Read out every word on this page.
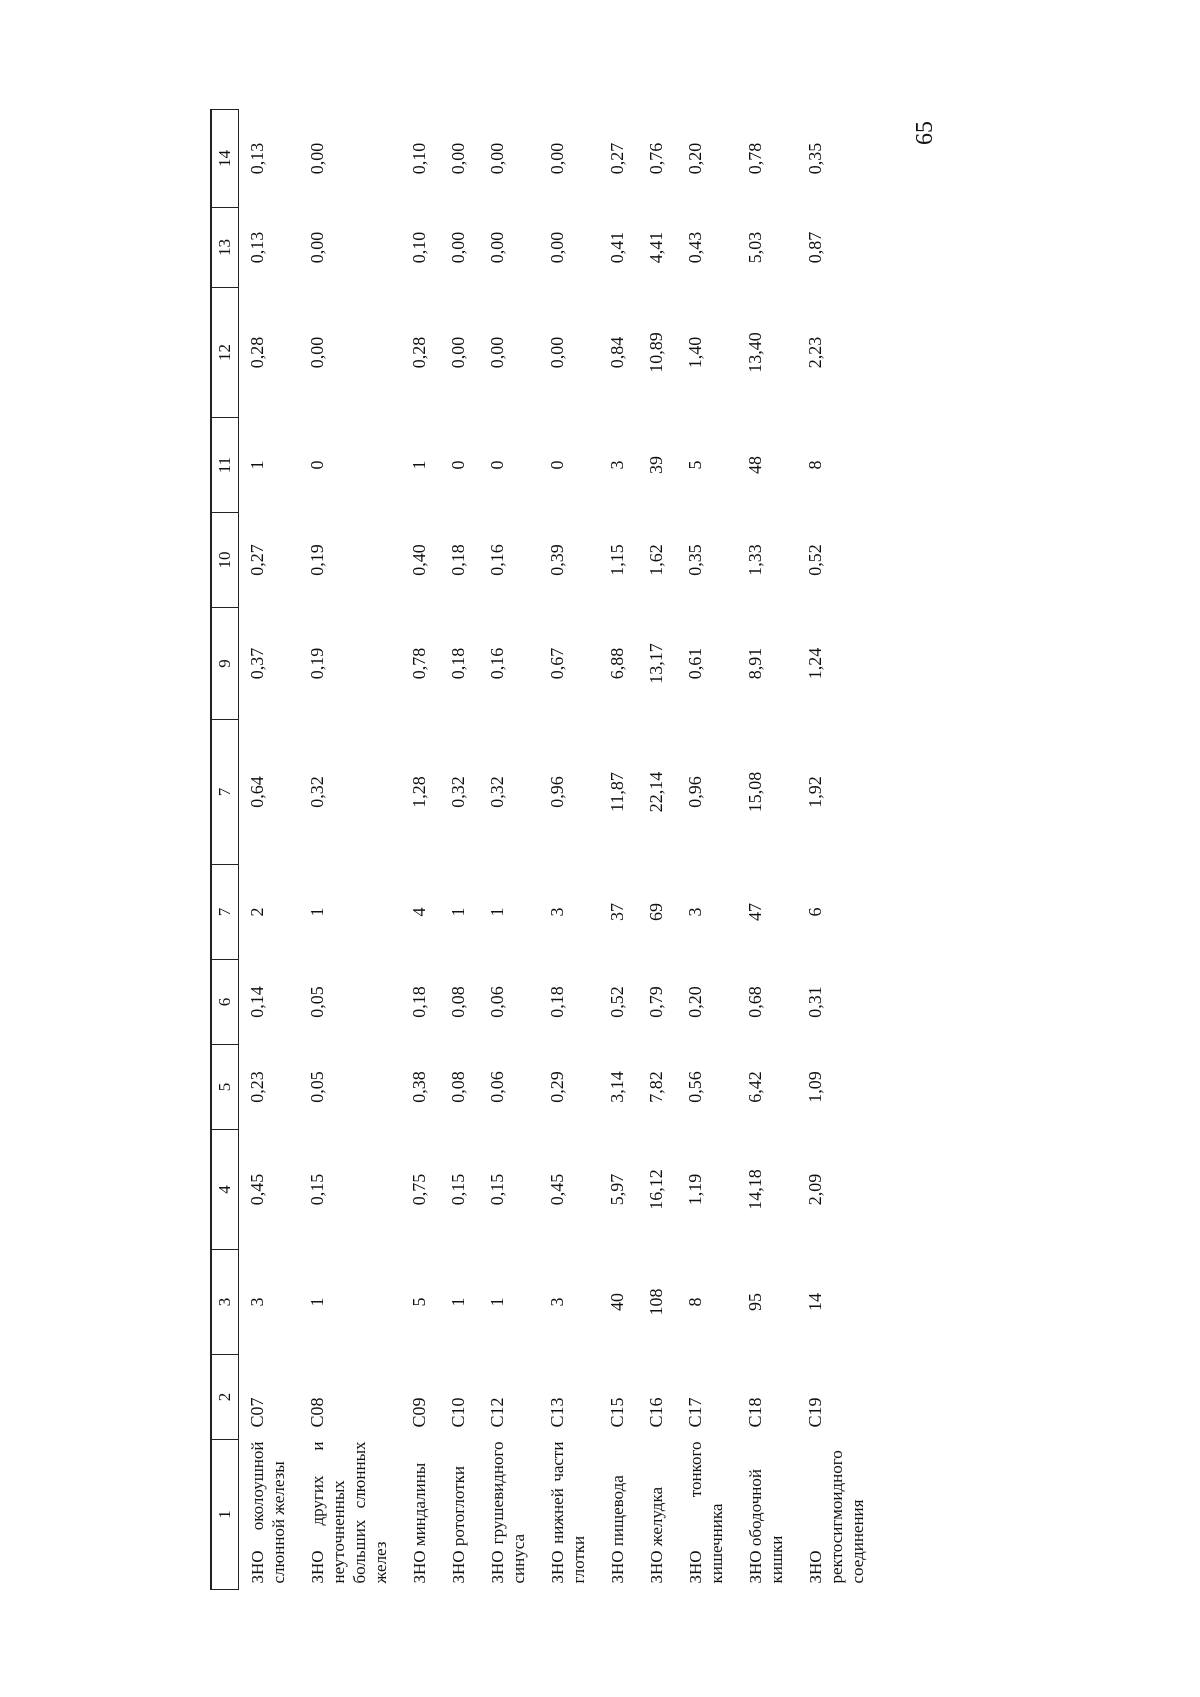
65
1	2	3	4	5	6	7	7	9	10	11	12	13	14
ЗНО околоушной слюнной железы	C07	3	0,45	0,23	0,14	2	0,64	0,37	0,27	1	0,28	0,13	0,13
ЗНО других и неуточненных больших слюнных желез	C08	1	0,15	0,05	0,05	1	0,32	0,19	0,19	0	0,00	0,00	0,00
ЗНО миндалины	C09	5	0,75	0,38	0,18	4	1,28	0,78	0,40	1	0,28	0,10	0,10
ЗНО ротоглотки	C10	1	0,15	0,08	0,08	1	0,32	0,18	0,18	0	0,00	0,00	0,00
ЗНО грушевидного синуса	C12	1	0,15	0,06	0,06	1	0,32	0,16	0,16	0	0,00	0,00	0,00
ЗНО нижней части глотки	C13	3	0,45	0,29	0,18	3	0,96	0,67	0,39	0	0,00	0,00	0,00
ЗНО пищевода	C15	40	5,97	3,14	0,52	37	11,87	6,88	1,15	3	0,84	0,41	0,27
ЗНО желудка	C16	108	16,12	7,82	0,79	69	22,14	13,17	1,62	39	10,89	4,41	0,76
ЗНО тонкого кишечника	C17	8	1,19	0,56	0,20	3	0,96	0,61	0,35	5	1,40	0,43	0,20
ЗНО ободочной кишки	C18	95	14,18	6,42	0,68	47	15,08	8,91	1,33	48	13,40	5,03	0,78
ЗНО ректосигмоидного соединения	C19	14	2,09	1,09	0,31	6	1,92	1,24	0,52	8	2,23	0,87	0,35
